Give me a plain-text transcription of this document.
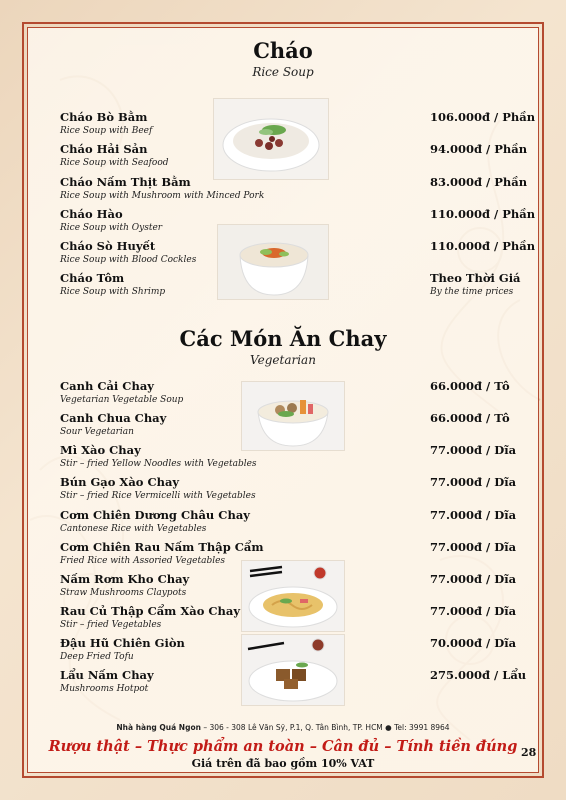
Cháo
Rice Soup
Cháo Bò Bằm
Rice Soup with Beef
106.000đ / Phần
Cháo Hải Sản
Rice Soup with Seafood
94.000đ / Phần
Cháo Nấm Thịt Bằm
Rice Soup with Mushroom with Minced Pork
83.000đ / Phần
Cháo Hào
Rice Soup with Oyster
110.000đ / Phần
Cháo Sò Huyết
Rice Soup with Blood Cockles
110.000đ / Phần
Cháo Tôm
Rice Soup with Shrimp
Theo Thời Giá
By the time prices
Các Món Ăn Chay
Vegetarian
Canh Cải Chay
Vegetarian Vegetable Soup
66.000đ / Tô
Canh Chua Chay
Sour Vegetarian
66.000đ / Tô
Mì Xào Chay
Stir – fried Yellow Noodles with Vegetables
77.000đ / Dĩa
Bún Gạo Xào Chay
Stir – fried Rice Vermicelli with Vegetables
77.000đ / Dĩa
Cơm Chiên Dương Châu Chay
Cantonese Rice with Vegetables
77.000đ / Dĩa
Cơm Chiên Rau Nấm Thập Cẩm
Fried Rice with Assoried Vegetables
77.000đ / Dĩa
Nấm Rơm Kho Chay
Straw Mushrooms Claypots
77.000đ / Dĩa
Rau Củ Thập Cẩm Xào Chay
Stir – fried Vegetables
77.000đ / Dĩa
Đậu Hũ Chiên Giòn
Deep Fried Tofu
70.000đ / Dĩa
Lẩu Nấm Chay
Mushrooms Hotpot
275.000đ / Lẩu
Nhà hàng Quá Ngon – 306 - 308 Lê Văn Sỹ, P.1, Q. Tân Bình, TP. HCM ● Tel: 3991 8964
Rượu thật – Thực phẩm an toàn – Cân đủ – Tính tiền đúng
Giá trên đã bao gồm 10% VAT
28
